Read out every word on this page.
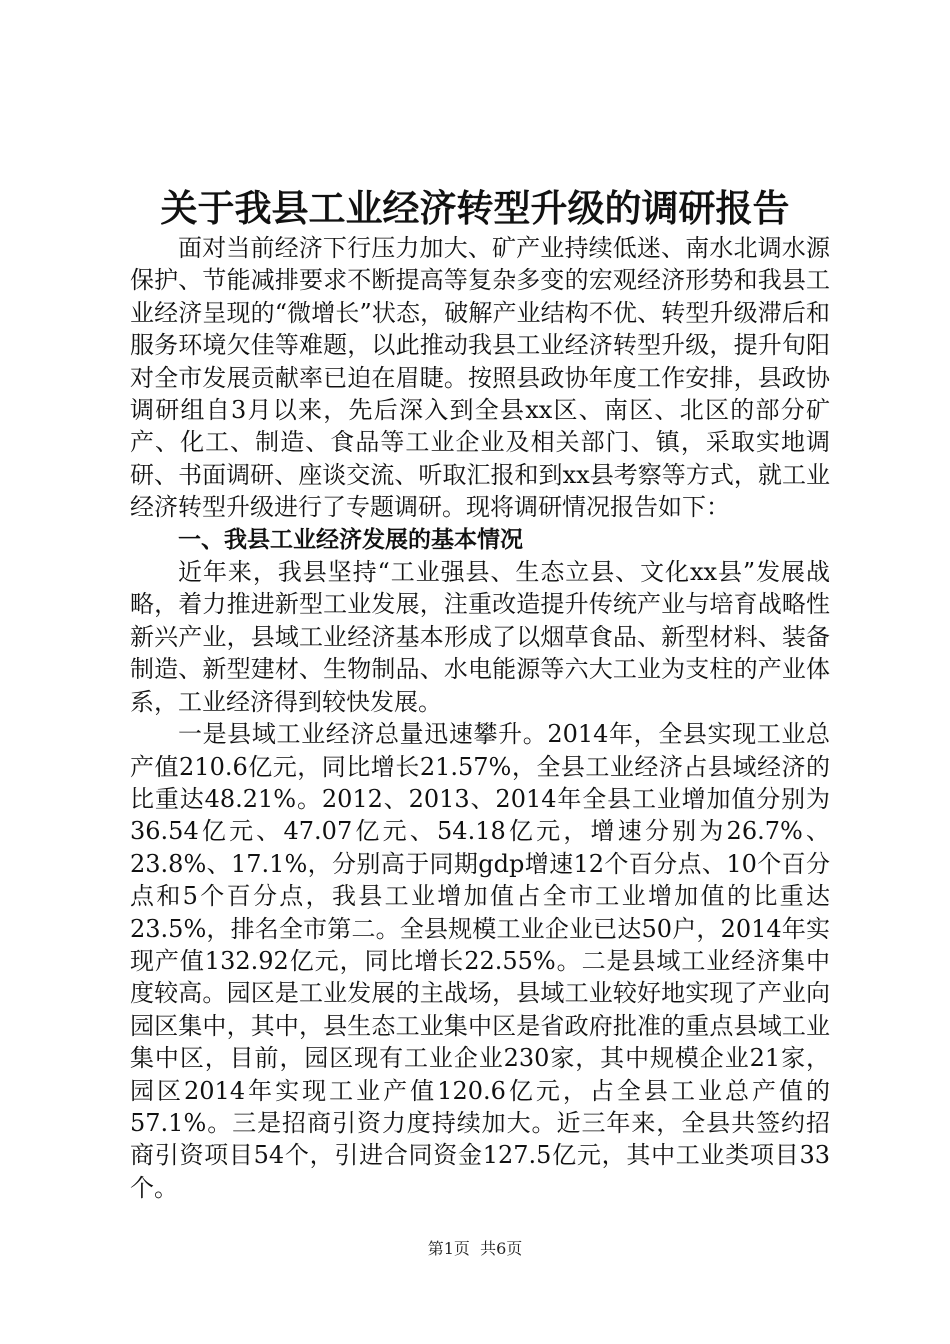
关于我县工业经济转型升级的调研报告

面对当前经济下行压力加大、矿产业持续低迷、南水北调水源保护、节能减排要求不断提高等复杂多变的宏观经济形势和我县工业经济呈现的“微增长”状态，破解产业结构不优、转型升级滞后和服务环境欠佳等难题，以此推动我县工业经济转型升级，提升旬阳对全市发展贡献率已迫在眉睫。按照县政协年度工作安排，县政协调研组自3月以来，先后深入到全县xx区、南区、北区的部分矿产、化工、制造、食品等工业企业及相关部门、镇，采取实地调研、书面调研、座谈交流、听取汇报和到xx县考察等方式，就工业经济转型升级进行了专题调研。现将调研情况报告如下：

一、我县工业经济发展的基本情况

近年来，我县坚持“工业强县、生态立县、文化xx县”发展战略，着力推进新型工业发展，注重改造提升传统产业与培育战略性新兴产业，县域工业经济基本形成了以烟草食品、新型材料、装备制造、新型建材、生物制品、水电能源等六大工业为支柱的产业体系，工业经济得到较快发展。

一是县域工业经济总量迅速攀升。2014年，全县实现工业总产值210.6亿元，同比增长21.57%，全县工业经济占县域经济的比重达48.21%。2012、2013、2014年全县工业增加值分别为36.54亿元、47.07亿元、54.18亿元，增速分别为26.7%、23.8%、17.1%，分别高于同期gdp增速12个百分点、10个百分点和5个百分点，我县工业增加值占全市工业增加值的比重达23.5%，排名全市第二。全县规模工业企业已达50户，2014年实现产值132.92亿元，同比增长22.55%。二是县域工业经济集中度较高。园区是工业发展的主战场，县域工业较好地实现了产业向园区集中，其中，县生态工业集中区是省政府批准的重点县域工业集中区，目前，园区现有工业企业230家，其中规模企业21家，园区2014年实现工业产值120.6亿元，占全县工业总产值的57.1%。三是招商引资力度持续加大。近三年来，全县共签约招商引资项目54个，引进合同资金127.5亿元，其中工业类项目33个。

第1页  共6页
